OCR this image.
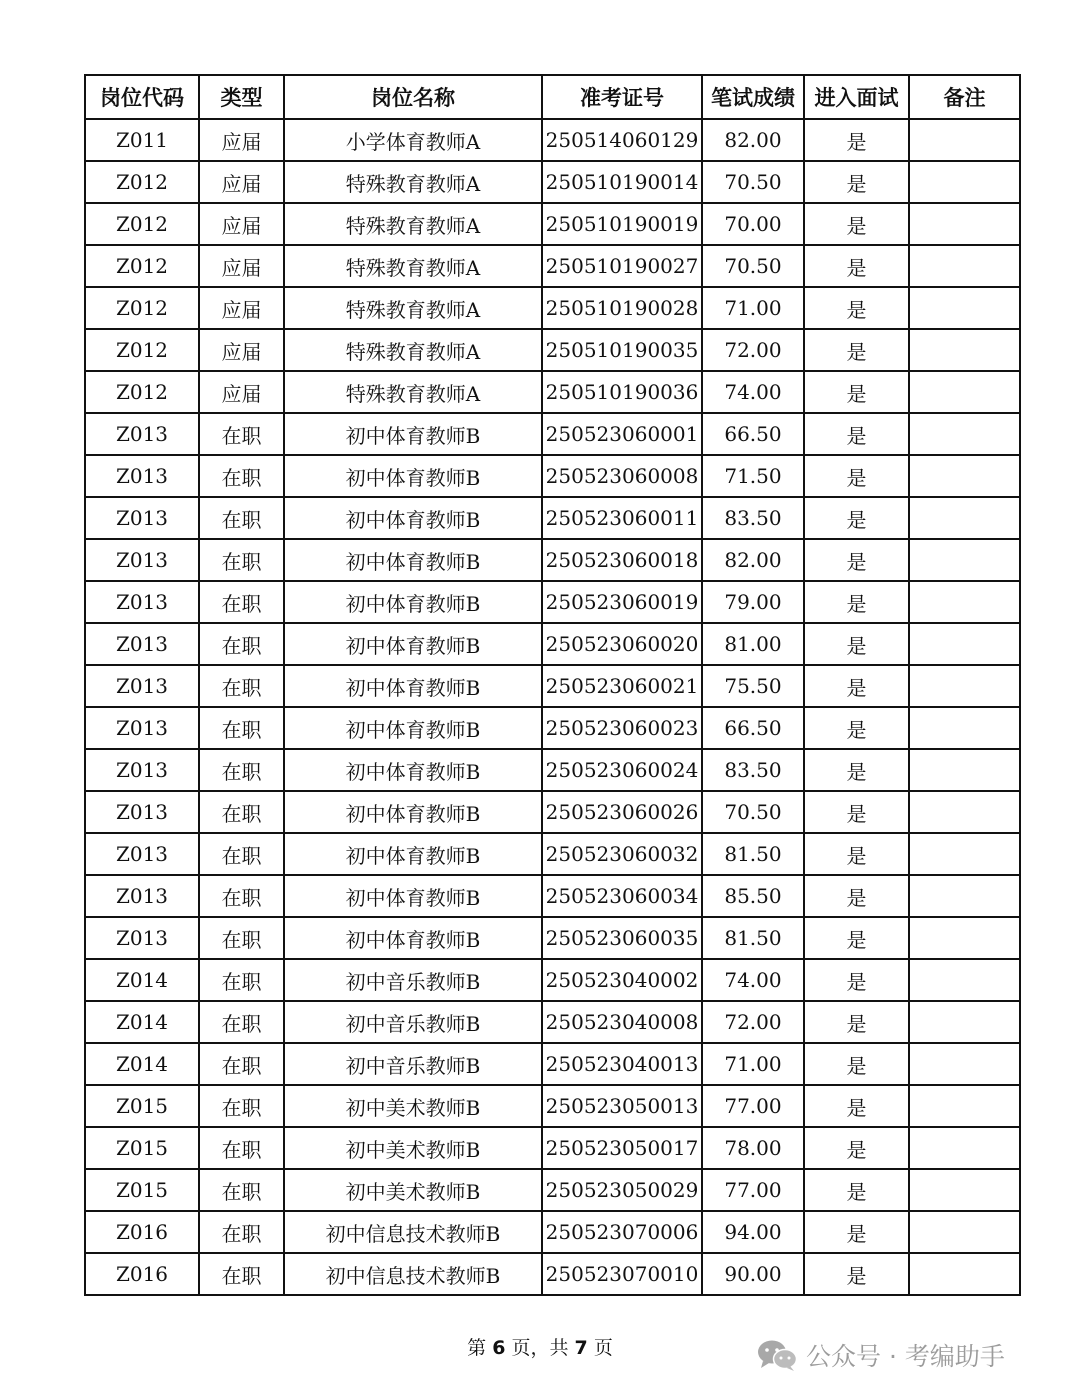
岗位代码	类型	岗位名称	准考证号	笔试成绩	进入面试	备注
Z011	应届	小学体育教师A	250514060129	82.00	是	
Z012	应届	特殊教育教师A	250510190014	70.50	是	
Z012	应届	特殊教育教师A	250510190019	70.00	是	
Z012	应届	特殊教育教师A	250510190027	70.50	是	
Z012	应届	特殊教育教师A	250510190028	71.00	是	
Z012	应届	特殊教育教师A	250510190035	72.00	是	
Z012	应届	特殊教育教师A	250510190036	74.00	是	
Z013	在职	初中体育教师B	250523060001	66.50	是	
Z013	在职	初中体育教师B	250523060008	71.50	是	
Z013	在职	初中体育教师B	250523060011	83.50	是	
Z013	在职	初中体育教师B	250523060018	82.00	是	
Z013	在职	初中体育教师B	250523060019	79.00	是	
Z013	在职	初中体育教师B	250523060020	81.00	是	
Z013	在职	初中体育教师B	250523060021	75.50	是	
Z013	在职	初中体育教师B	250523060023	66.50	是	
Z013	在职	初中体育教师B	250523060024	83.50	是	
Z013	在职	初中体育教师B	250523060026	70.50	是	
Z013	在职	初中体育教师B	250523060032	81.50	是	
Z013	在职	初中体育教师B	250523060034	85.50	是	
Z013	在职	初中体育教师B	250523060035	81.50	是	
Z014	在职	初中音乐教师B	250523040002	74.00	是	
Z014	在职	初中音乐教师B	250523040008	72.00	是	
Z014	在职	初中音乐教师B	250523040013	71.00	是	
Z015	在职	初中美术教师B	250523050013	77.00	是	
Z015	在职	初中美术教师B	250523050017	78.00	是	
Z015	在职	初中美术教师B	250523050029	77.00	是	
Z016	在职	初中信息技术教师B	250523070006	94.00	是	
Z016	在职	初中信息技术教师B	250523070010	90.00	是	
第 6 页，共 7 页	公众号 · 考编助手
